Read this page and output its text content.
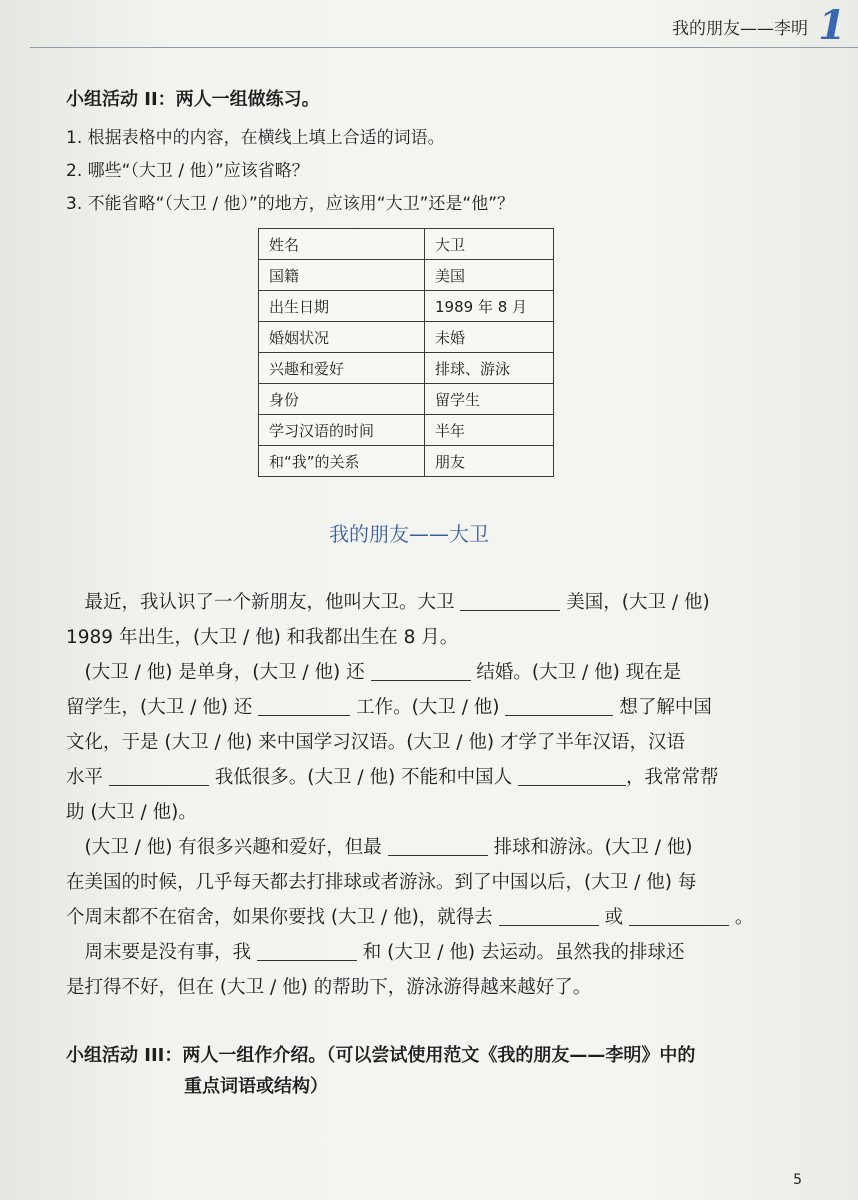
我的朋友——李明 1
小组活动 II：两人一组做练习。
1. 根据表格中的内容，在横线上填上合适的词语。
2. 哪些“（大卫 / 他）”应该省略？
3. 不能省略“（大卫 / 他）”的地方，应该用“大卫”还是“他”？
姓名	大卫
国籍	美国
出生日期	1989 年 8 月
婚姻状况	未婚
兴趣和爱好	排球、游泳
身份	留学生
学习汉语的时间	半年
和“我”的关系	朋友
我的朋友——大卫
　最近，我认识了一个新朋友，他叫大卫。大卫	美国，(大卫 / 他)
1989 年出生，(大卫 / 他) 和我都出生在 8 月。
　(大卫 / 他) 是单身，(大卫 / 他) 还	结婚。(大卫 / 他) 现在是
留学生，(大卫 / 他) 还	工作。(大卫 / 他)	想了解中国
文化，于是 (大卫 / 他) 来中国学习汉语。(大卫 / 他) 才学了半年汉语，汉语
水平	我低很多。(大卫 / 他) 不能和中国人	，我常常帮
助 (大卫 / 他)。
　(大卫 / 他) 有很多兴趣和爱好，但最	排球和游泳。(大卫 / 他)
在美国的时候，几乎每天都去打排球或者游泳。到了中国以后，(大卫 / 他) 每
个周末都不在宿舍，如果你要找 (大卫 / 他)，就得去	或	。
　周末要是没有事，我	和 (大卫 / 他) 去运动。虽然我的排球还
是打得不好，但在 (大卫 / 他) 的帮助下，游泳游得越来越好了。
小组活动 III：两人一组作介绍。（可以尝试使用范文《我的朋友——李明》中的
重点词语或结构）
5
